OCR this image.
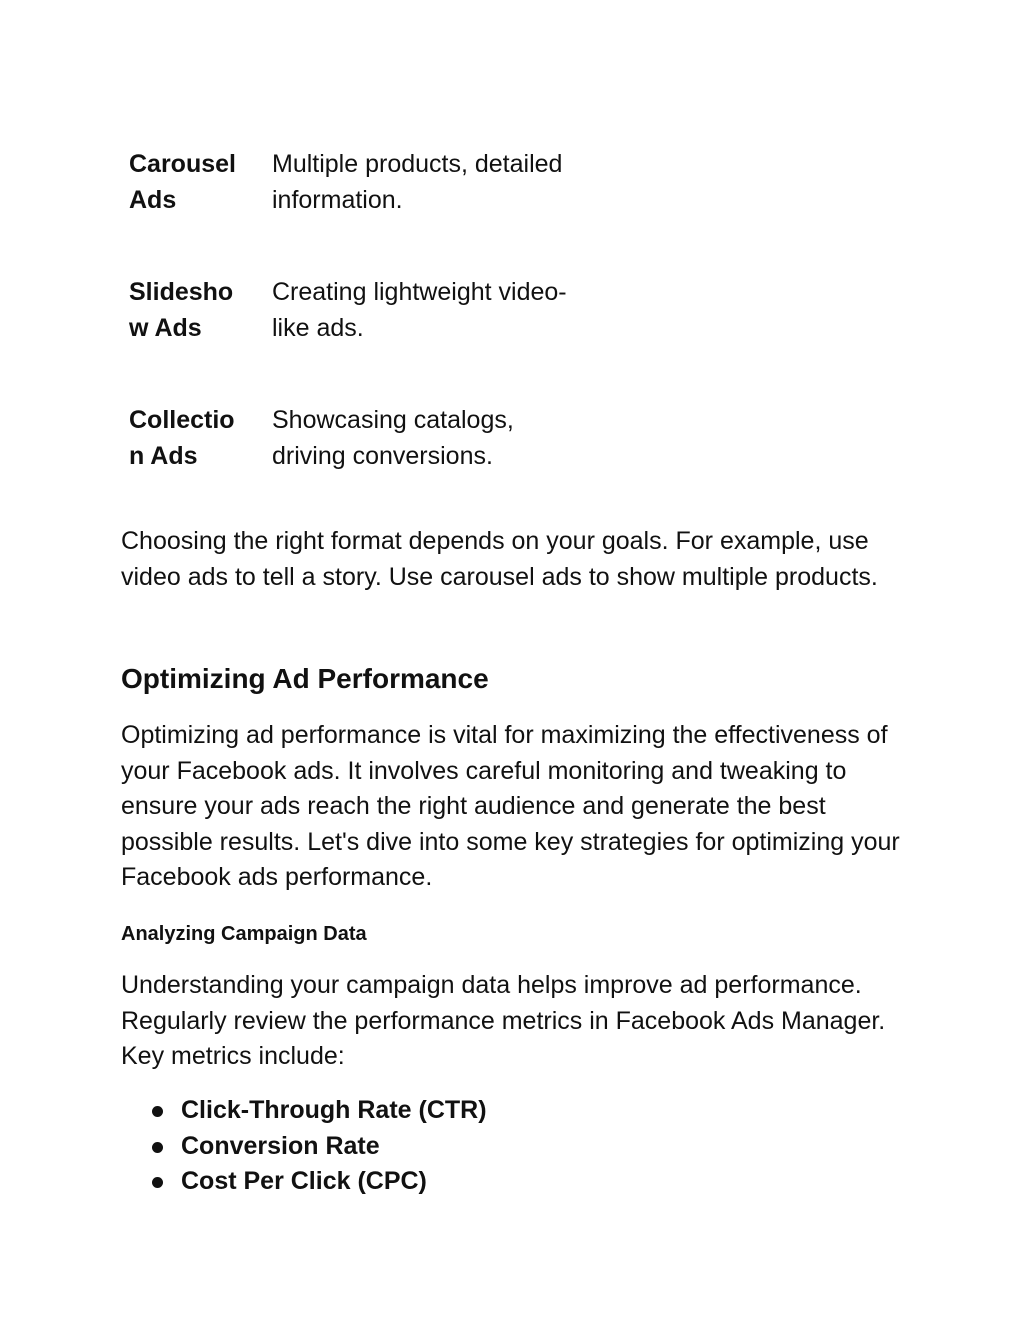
Carousel Ads
Multiple products, detailed information.
Slideshow Ads
Creating lightweight video-like ads.
Collection Ads
Showcasing catalogs, driving conversions.

Choosing the right format depends on your goals. For example, use video ads to tell a story. Use carousel ads to show multiple products.

Optimizing Ad Performance

Optimizing ad performance is vital for maximizing the effectiveness of your Facebook ads. It involves careful monitoring and tweaking to ensure your ads reach the right audience and generate the best possible results. Let's dive into some key strategies for optimizing your Facebook ads performance.

Analyzing Campaign Data

Understanding your campaign data helps improve ad performance. Regularly review the performance metrics in Facebook Ads Manager. Key metrics include:

Click-Through Rate (CTR)
Conversion Rate
Cost Per Click (CPC)
